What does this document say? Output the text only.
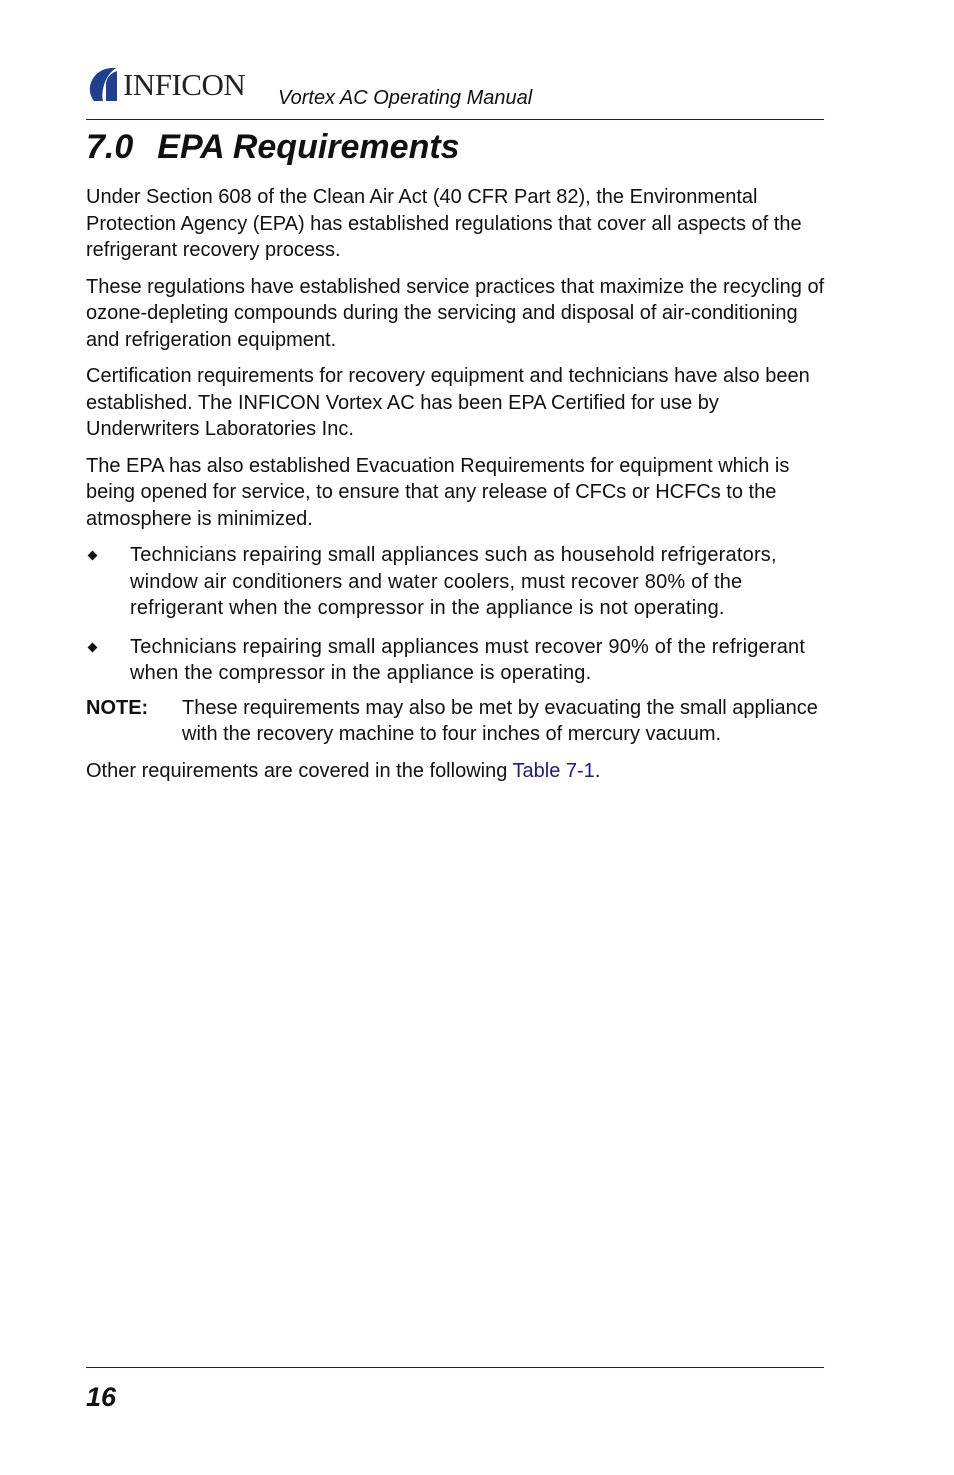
INFICON Vortex AC Operating Manual
7.0 EPA Requirements

Under Section 608 of the Clean Air Act (40 CFR Part 82), the Environmental Protection Agency (EPA) has established regulations that cover all aspects of the refrigerant recovery process.

These regulations have established service practices that maximize the recycling of ozone-depleting compounds during the servicing and disposal of air-conditioning and refrigeration equipment.

Certification requirements for recovery equipment and technicians have also been established. The INFICON Vortex AC has been EPA Certified for use by Underwriters Laboratories Inc.

The EPA has also established Evacuation Requirements for equipment which is being opened for service, to ensure that any release of CFCs or HCFCs to the atmosphere is minimized.

Technicians repairing small appliances such as household refrigerators, window air conditioners and water coolers, must recover 80% of the refrigerant when the compressor in the appliance is not operating.
Technicians repairing small appliances must recover 90% of the refrigerant when the compressor in the appliance is operating.
NOTE: These requirements may also be met by evacuating the small appliance with the recovery machine to four inches of mercury vacuum.

Other requirements are covered in the following Table 7-1.

16
